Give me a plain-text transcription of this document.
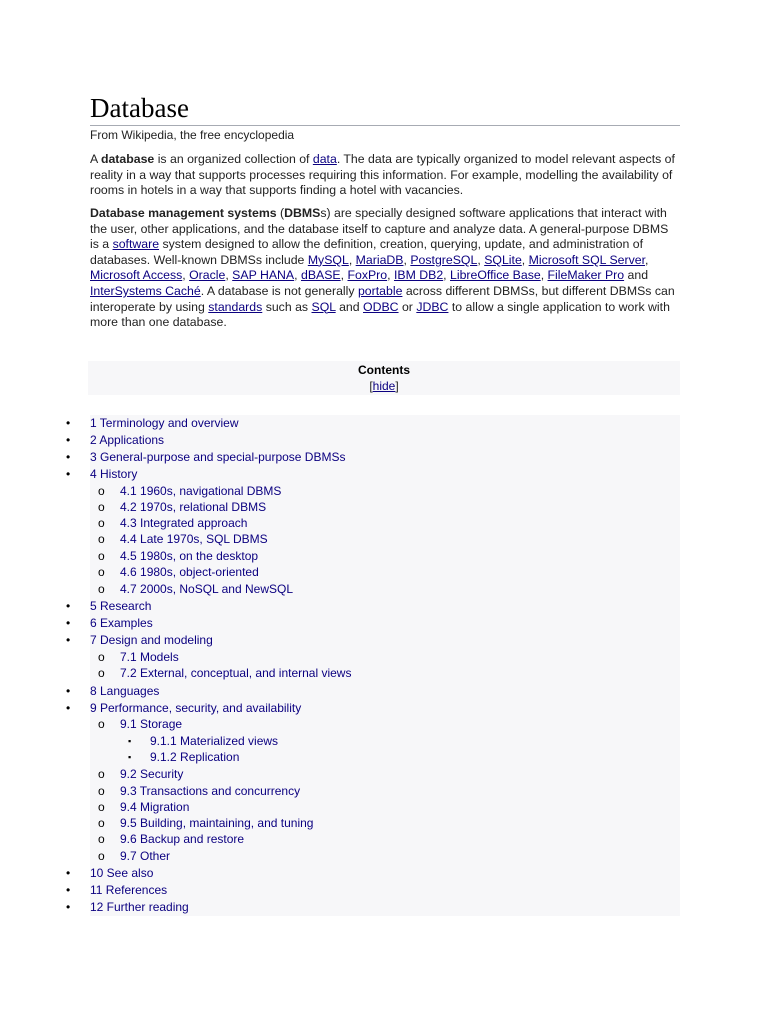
Database
From Wikipedia, the free encyclopedia

A database is an organized collection of data. The data are typically organized to model relevant aspects of reality in a way that supports processes requiring this information. For example, modelling the availability of rooms in hotels in a way that supports finding a hotel with vacancies.

Database management systems (DBMSs) are specially designed software applications that interact with the user, other applications, and the database itself to capture and analyze data. A general-purpose DBMS is a software system designed to allow the definition, creation, querying, update, and administration of databases. Well-known DBMSs include MySQL, MariaDB, PostgreSQL, SQLite, Microsoft SQL Server, Microsoft Access, Oracle, SAP HANA, dBASE, FoxPro, IBM DB2, LibreOffice Base, FileMaker Pro and InterSystems Caché. A database is not generally portable across different DBMSs, but different DBMSs can interoperate by using standards such as SQL and ODBC or JDBC to allow a single application to work with more than one database.

Contents
[hide]
• 1 Terminology and overview
• 2 Applications
• 3 General-purpose and special-purpose DBMSs
• 4 History
o 4.1 1960s, navigational DBMS
o 4.2 1970s, relational DBMS
o 4.3 Integrated approach
o 4.4 Late 1970s, SQL DBMS
o 4.5 1980s, on the desktop
o 4.6 1980s, object-oriented
o 4.7 2000s, NoSQL and NewSQL
• 5 Research
• 6 Examples
• 7 Design and modeling
o 7.1 Models
o 7.2 External, conceptual, and internal views
• 8 Languages
• 9 Performance, security, and availability
o 9.1 Storage
▪ 9.1.1 Materialized views
▪ 9.1.2 Replication
o 9.2 Security
o 9.3 Transactions and concurrency
o 9.4 Migration
o 9.5 Building, maintaining, and tuning
o 9.6 Backup and restore
o 9.7 Other
• 10 See also
• 11 References
• 12 Further reading
